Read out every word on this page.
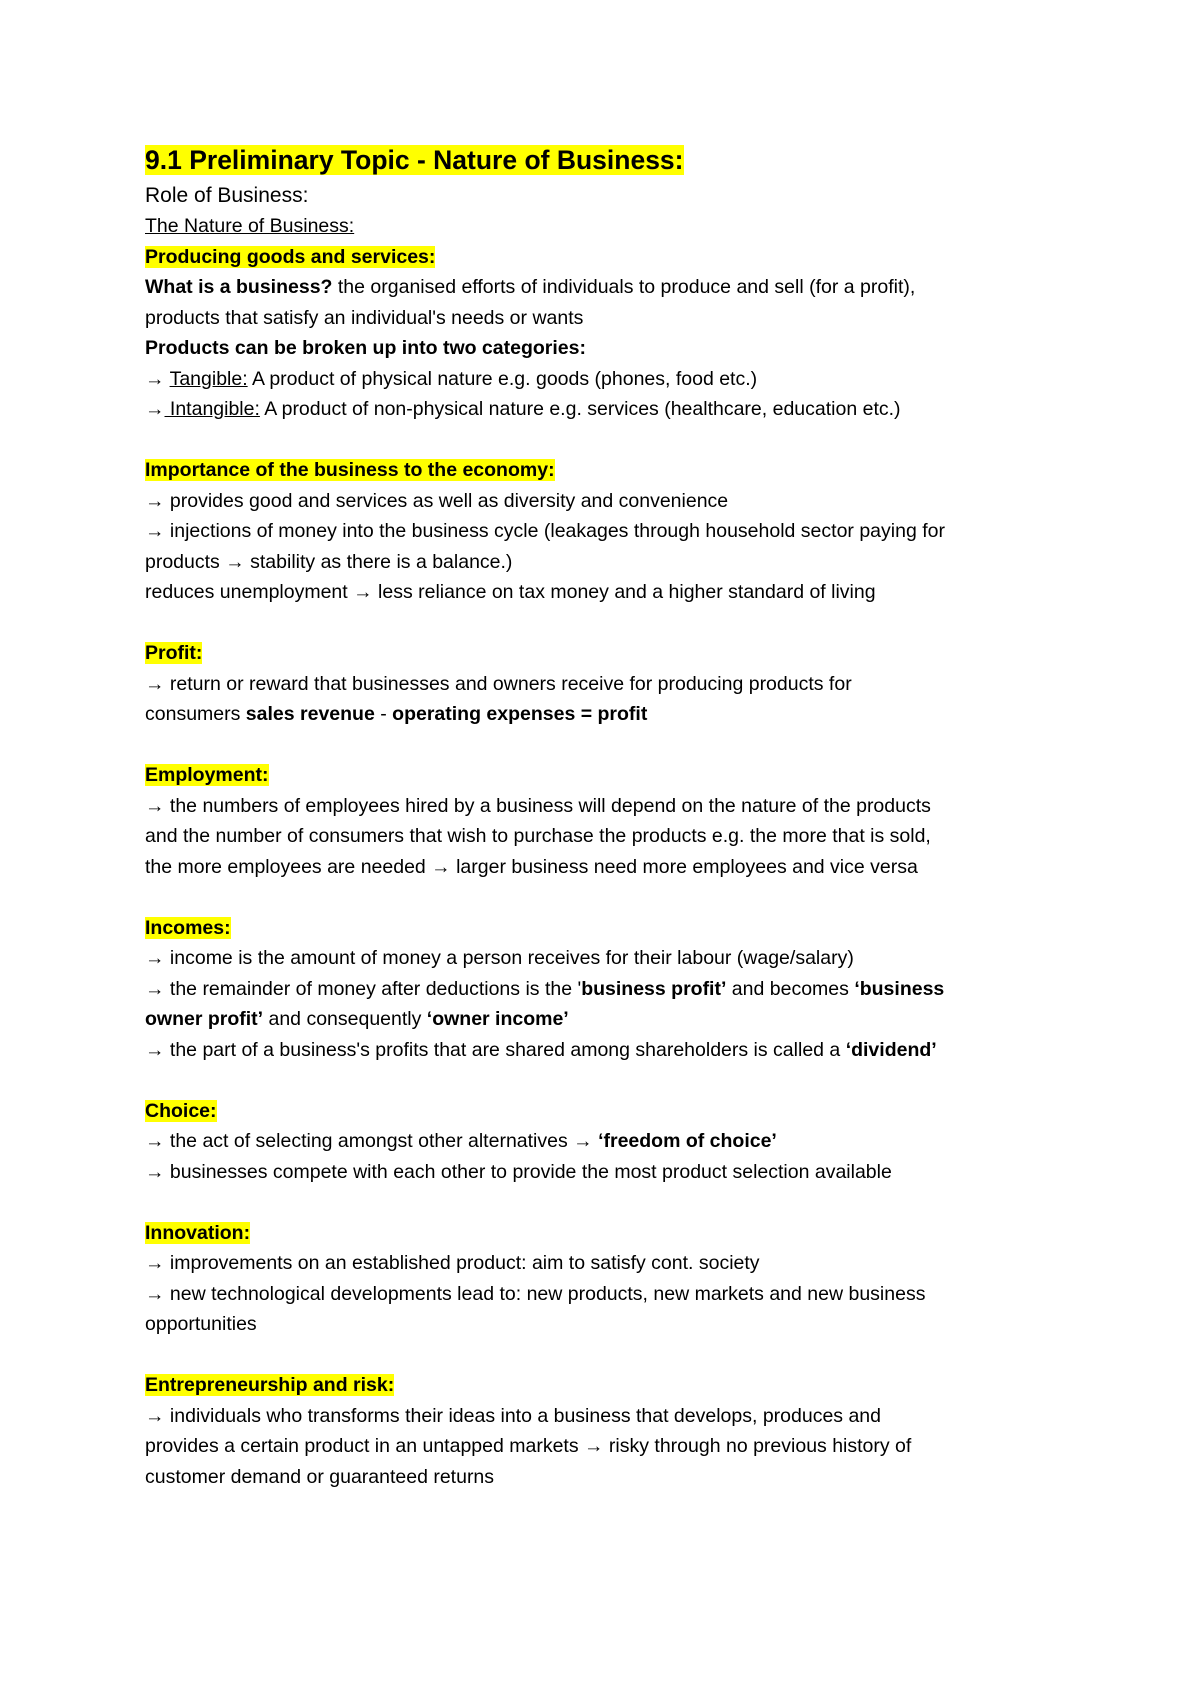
9.1 Preliminary Topic - Nature of Business:
Role of Business:
The Nature of Business:
Producing goods and services:
What is a business? the organised efforts of individuals to produce and sell (for a profit),
products that satisfy an individual's needs or wants
Products can be broken up into two categories:
→ Tangible: A product of physical nature e.g. goods (phones, food etc.)
→ Intangible: A product of non-physical nature e.g. services (healthcare, education etc.)
Importance of the business to the economy:
→ provides good and services as well as diversity and convenience
→ injections of money into the business cycle (leakages through household sector paying for
products → stability as there is a balance.)
reduces unemployment → less reliance on tax money and a higher standard of living
Profit:
→ return or reward that businesses and owners receive for producing products for
consumers sales revenue - operating expenses = profit
Employment:
→ the numbers of employees hired by a business will depend on the nature of the products
and the number of consumers that wish to purchase the products e.g. the more that is sold,
the more employees are needed → larger business need more employees and vice versa
Incomes:
→ income is the amount of money a person receives for their labour (wage/salary)
→ the remainder of money after deductions is the 'business profit’ and becomes ‘business
owner profit’ and consequently ‘owner income’
→ the part of a business's profits that are shared among shareholders is called a ‘dividend’
Choice:
→ the act of selecting amongst other alternatives → ‘freedom of choice’
→ businesses compete with each other to provide the most product selection available
Innovation:
→ improvements on an established product: aim to satisfy cont. society
→ new technological developments lead to: new products, new markets and new business
opportunities
Entrepreneurship and risk:
→ individuals who transforms their ideas into a business that develops, produces and
provides a certain product in an untapped markets → risky through no previous history of
customer demand or guaranteed returns
